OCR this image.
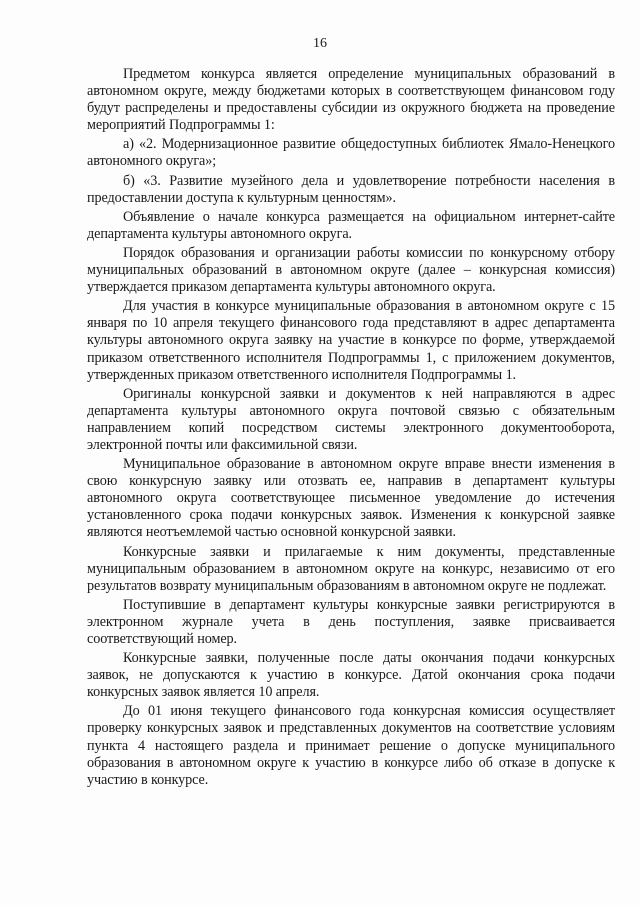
16

Предметом конкурса является определение муниципальных образований в автономном округе, между бюджетами которых в соответствующем финансовом году будут распределены и предоставлены субсидии из окружного бюджета на проведение мероприятий Подпрограммы 1:

а) «2. Модернизационное развитие общедоступных библиотек Ямало-Ненецкого автономного округа»;

б) «3. Развитие музейного дела и удовлетворение потребности населения в предоставлении доступа к культурным ценностям».

Объявление о начале конкурса размещается на официальном интернет-сайте департамента культуры автономного округа.

Порядок образования и организации работы комиссии по конкурсному отбору муниципальных образований в автономном округе (далее – конкурсная комиссия) утверждается приказом департамента культуры автономного округа.

Для участия в конкурсе муниципальные образования в автономном округе с 15 января по 10 апреля текущего финансового года представляют в адрес департамента культуры автономного округа заявку на участие в конкурсе по форме, утверждаемой приказом ответственного исполнителя Подпрограммы 1, с приложением документов, утвержденных приказом ответственного исполнителя Подпрограммы 1.

Оригиналы конкурсной заявки и документов к ней направляются в адрес департамента культуры автономного округа почтовой связью с обязательным направлением копий посредством системы электронного документооборота, электронной почты или факсимильной связи.

Муниципальное образование в автономном округе вправе внести изменения в свою конкурсную заявку или отозвать ее, направив в департамент культуры автономного округа соответствующее письменное уведомление до истечения установленного срока подачи конкурсных заявок. Изменения к конкурсной заявке являются неотъемлемой частью основной конкурсной заявки.

Конкурсные заявки и прилагаемые к ним документы, представленные муниципальным образованием в автономном округе на конкурс, независимо от его результатов возврату муниципальным образованиям в автономном округе не подлежат.

Поступившие в департамент культуры конкурсные заявки регистрируются в электронном журнале учета в день поступления, заявке присваивается соответствующий номер.

Конкурсные заявки, полученные после даты окончания подачи конкурсных заявок, не допускаются к участию в конкурсе. Датой окончания срока подачи конкурсных заявок является 10 апреля.

До 01 июня текущего финансового года конкурсная комиссия осуществляет проверку конкурсных заявок и представленных документов на соответствие условиям пункта 4 настоящего раздела и принимает решение о допуске муниципального образования в автономном округе к участию в конкурсе либо об отказе в допуске к участию в конкурсе.
